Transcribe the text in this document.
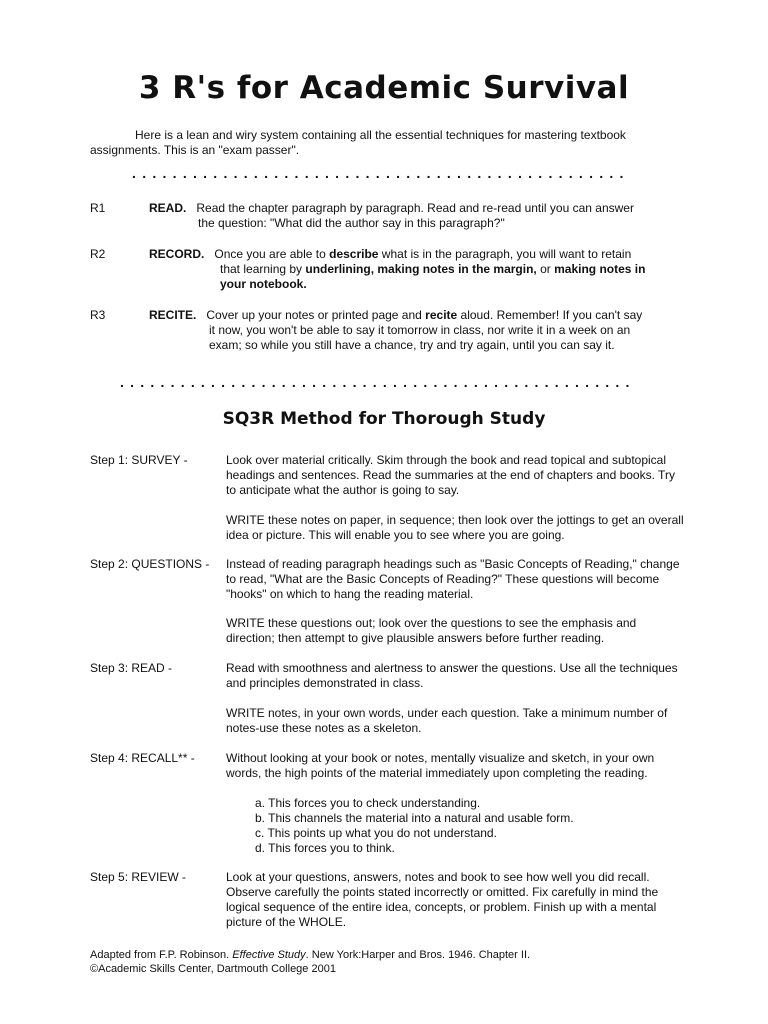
3 R's for Academic Survival
Here is a lean and wiry system containing all the essential techniques for mastering textbook assignments. This is an "exam passer".
. . . . . . . . . . . . . . . . . . . . . . . . . . . . . . . . . . . . . . . . . . . . . . . . .
R1	READ. Read the chapter paragraph by paragraph. Read and re-read until you can answer
the question: "What did the author say in this paragraph?"
R2	RECORD. Once you are able to describe what is in the paragraph, you will want to retain
that learning by underlining, making notes in the margin, or making notes in
your notebook.
R3	RECITE. Cover up your notes or printed page and recite aloud. Remember! If you can't say
it now, you won't be able to say it tomorrow in class, nor write it in a week on an
exam; so while you still have a chance, try and try again, until you can say it.
. . . . . . . . . . . . . . . . . . . . . . . . . . . . . . . . . . . . . . . . . . . . . . . . . . .
SQ3R Method for Thorough Study
Step 1: SURVEY -	Look over material critically. Skim through the book and read topical and subtopical headings and sentences. Read the summaries at the end of chapters and books. Try to anticipate what the author is going to say.
WRITE these notes on paper, in sequence; then look over the jottings to get an overall idea or picture. This will enable you to see where you are going.
Step 2: QUESTIONS - Instead of reading paragraph headings such as "Basic Concepts of Reading," change to read, "What are the Basic Concepts of Reading?" These questions will become "hooks" on which to hang the reading material.
WRITE these questions out; look over the questions to see the emphasis and direction; then attempt to give plausible answers before further reading.
Step 3: READ -	Read with smoothness and alertness to answer the questions. Use all the techniques and principles demonstrated in class.
WRITE notes, in your own words, under each question. Take a minimum number of notes-use these notes as a skeleton.
Step 4: RECALL** -	Without looking at your book or notes, mentally visualize and sketch, in your own words, the high points of the material immediately upon completing the reading.
a. This forces you to check understanding.
b. This channels the material into a natural and usable form.
c. This points up what you do not understand.
d. This forces you to think.
Step 5: REVIEW -	Look at your questions, answers, notes and book to see how well you did recall. Observe carefully the points stated incorrectly or omitted. Fix carefully in mind the logical sequence of the entire idea, concepts, or problem. Finish up with a mental picture of the WHOLE.
Adapted from F.P. Robinson. Effective Study. New York:Harper and Bros. 1946. Chapter II.
©Academic Skills Center, Dartmouth College 2001
